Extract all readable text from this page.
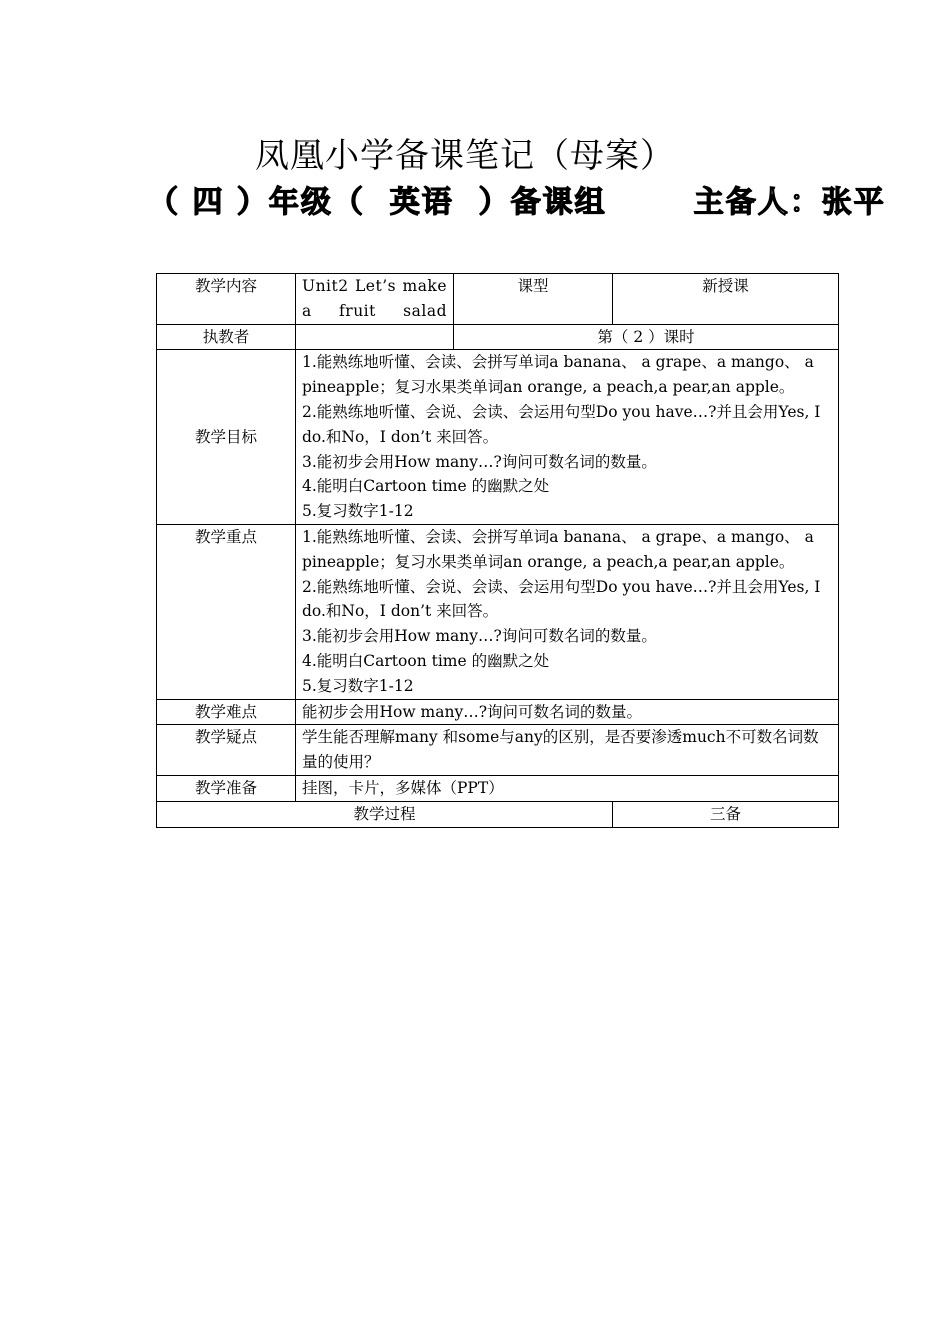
凤凰小学备课笔记（母案）
（ 四 ）年级（  英语  ）备课组       主备人：张平
教学内容	Unit2 Let’s make a fruit salad	课型	新授课
执教者		第（ 2 ）课时	
教学目标	1.能熟练地听懂、会读、会拼写单词a banana、 a grape、a mango、 a pineapple；复习水果类单词an orange, a peach,a pear,an apple。
2.能熟练地听懂、会说、会读、会运用句型Do you have…?并且会用Yes, I do.和No，I don’t 来回答。
3.能初步会用How many…?询问可数名词的数量。
4.能明白Cartoon time 的幽默之处
5.复习数字1-12		

教学重点	1.能熟练地听懂、会读、会拼写单词a banana、 a grape、a mango、 a pineapple；复习水果类单词an orange, a peach,a pear,an apple。
2.能熟练地听懂、会说、会读、会运用句型Do you have…?并且会用Yes, I do.和No，I don’t 来回答。
3.能初步会用How many…?询问可数名词的数量。
4.能明白Cartoon time 的幽默之处
5.复习数字1-12		

教学难点	能初步会用How many…?询问可数名词的数量。		
教学疑点	学生能否理解many 和some与any的区别，是否要渗透much不可数名词数量的使用？		
教学准备	挂图，卡片，多媒体（PPT）		
教学过程			三备
